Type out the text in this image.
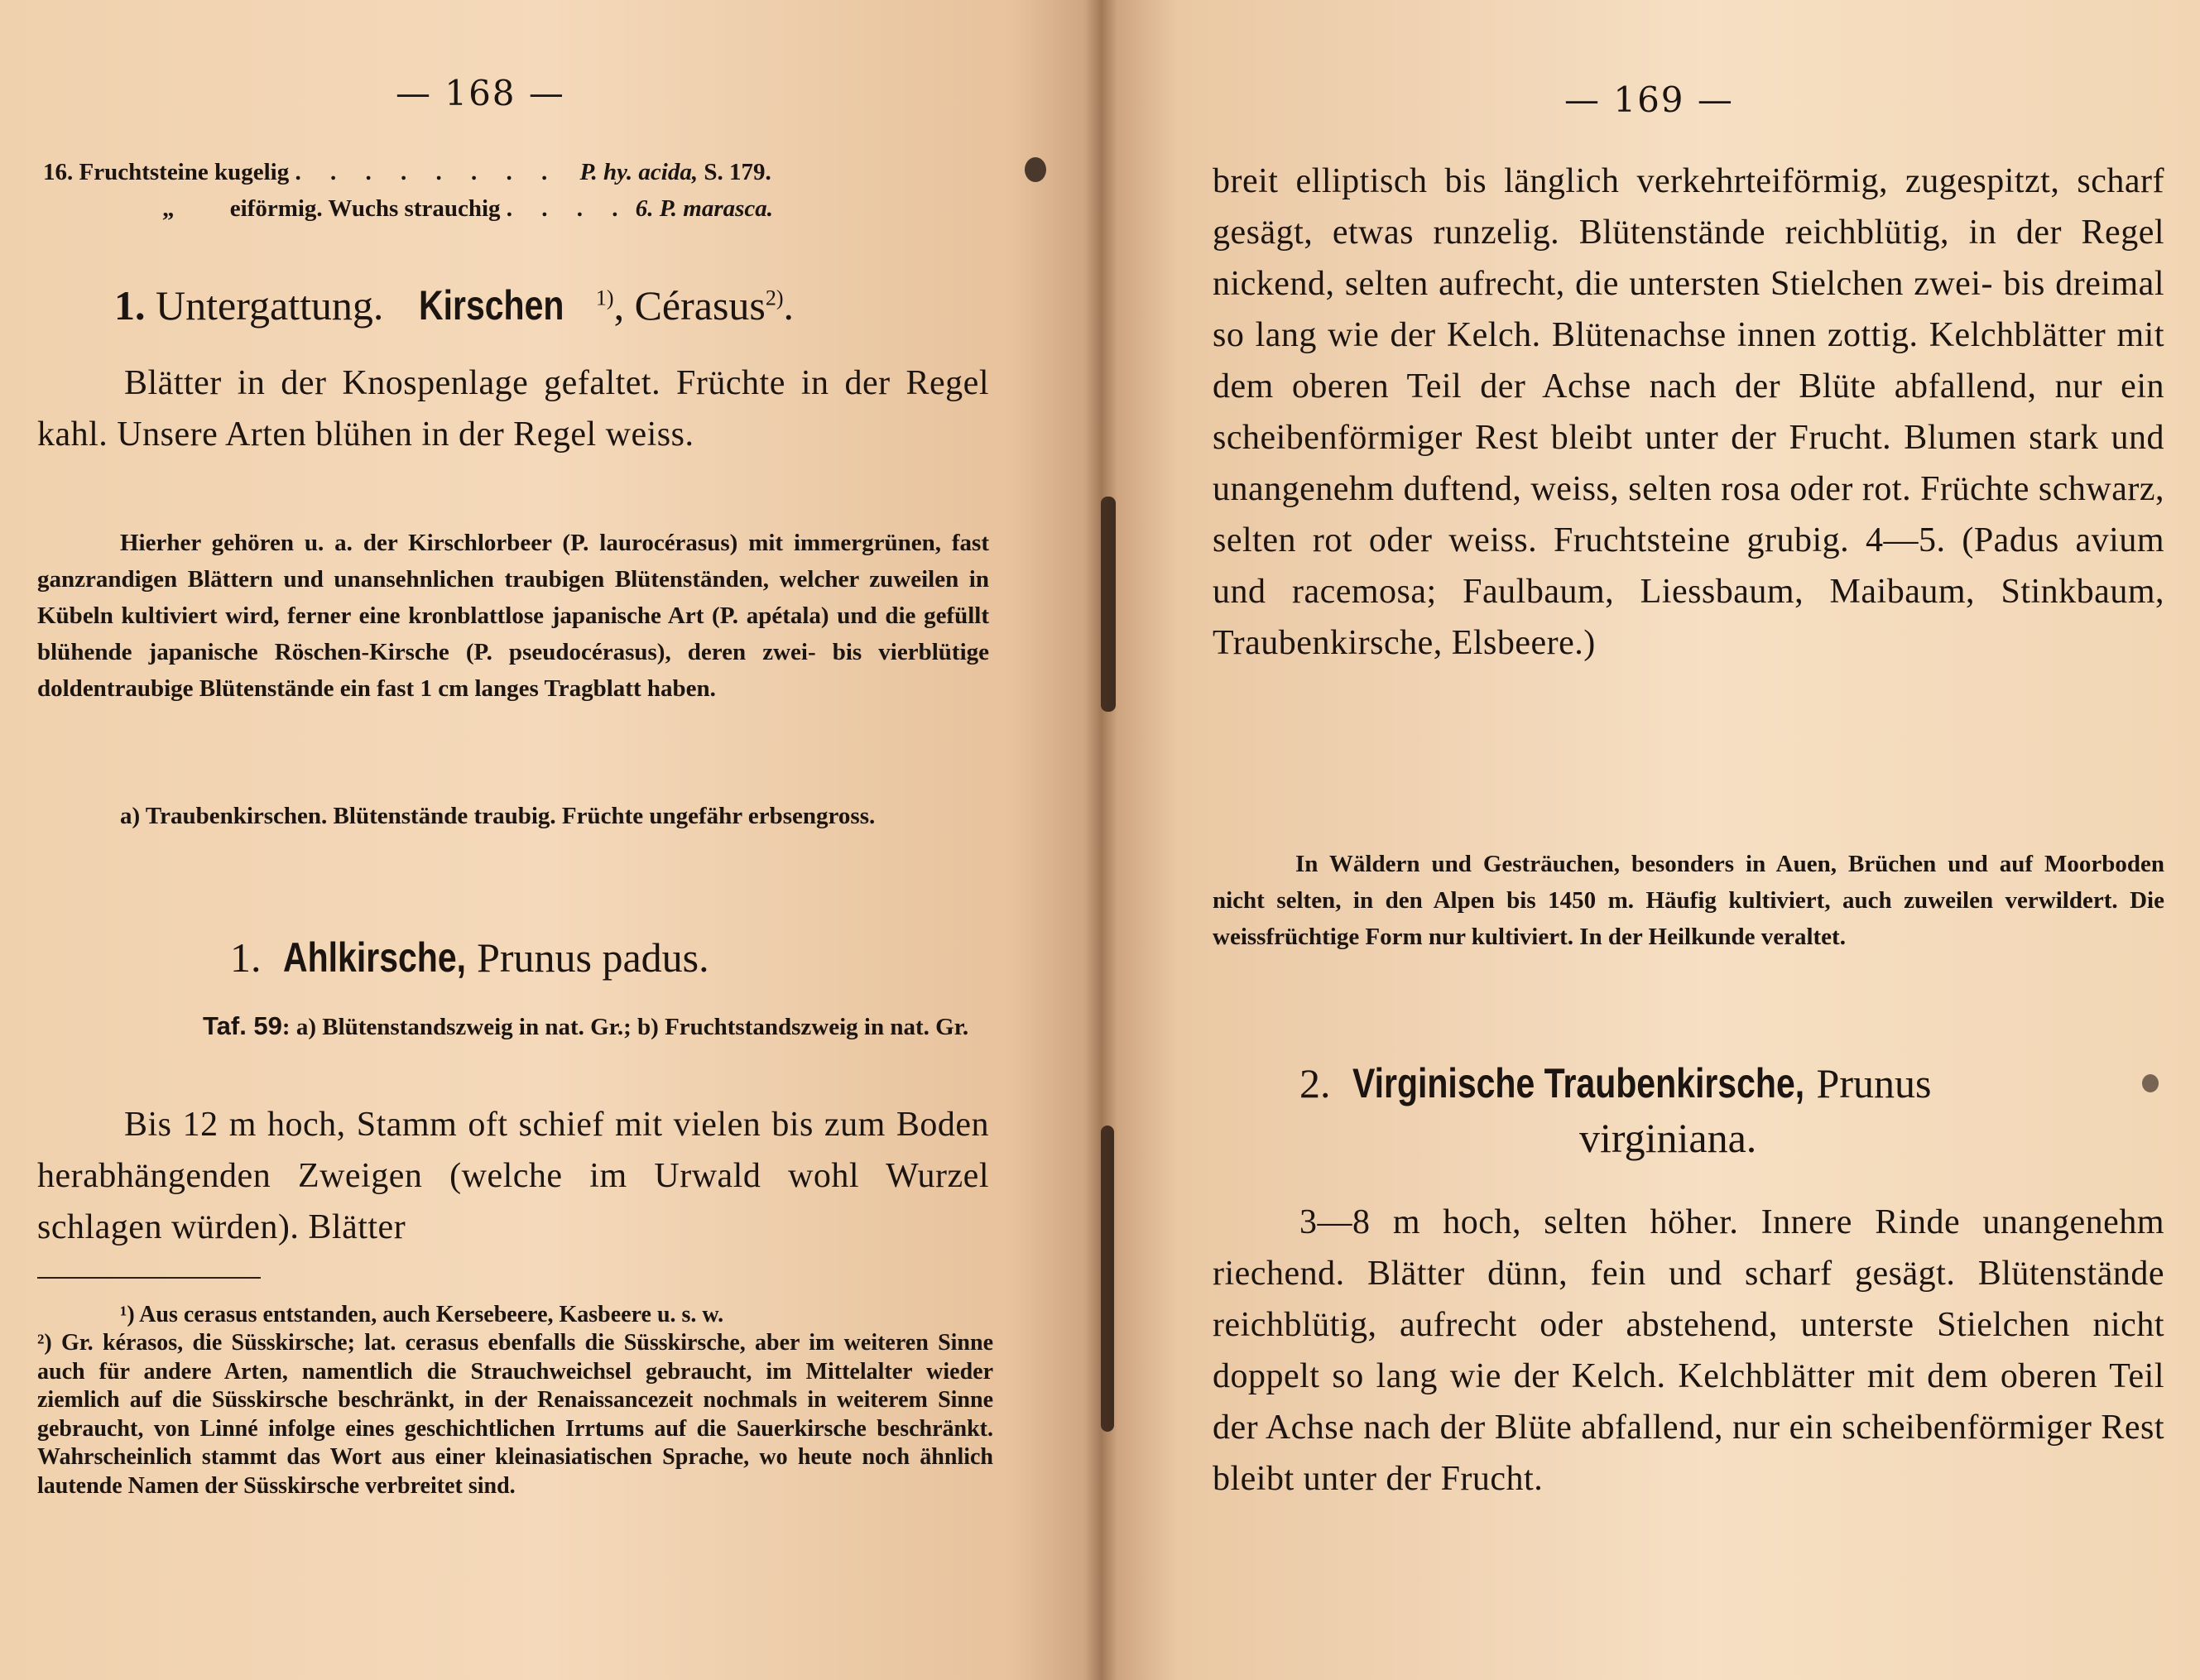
— 168 —
16. Fruchtsteine kugelig . . . . . . . . P. hy. acida, S. 179.
„ eiförmig. Wuchs strauchig . . . . 6. P. marasca.
1. Untergattung. Kirschen $^{1)}$, Cérasus$^{2)}$.

Blätter in der Knospenlage gefaltet. Früchte in der Regel kahl. Unsere Arten blühen in der Regel weiss.

Hierher gehören u. a. der Kirschlorbeer (P. laurocérasus) mit immergrünen, fast ganzrandigen Blättern und unansehnlichen traubigen Blütenständen, welcher zuweilen in Kübeln kultiviert wird, ferner eine kronblattlose japanische Art (P. apétala) und die gefüllt blühende japanische Röschen-Kirsche (P. pseudocérasus), deren zwei- bis vierblütige doldentraubige Blütenstände ein fast 1 cm langes Tragblatt haben.

a) Traubenkirschen. Blütenstände traubig. Früchte ungefähr erbsengross.

1. Ahlkirsche, Prunus padus.

Taf. 59: a) Blütenstandszweig in nat. Gr.; b) Fruchtstandszweig in nat. Gr.

Bis 12 m hoch, Stamm oft schief mit vielen bis zum Boden herabhängenden Zweigen (welche im Urwald wohl Wurzel schlagen würden). Blätter

¹) Aus cerasus entstanden, auch Kersebeere, Kasbeere u. s. w.

²) Gr. kérasos, die Süsskirsche; lat. cerasus ebenfalls die Süsskirsche, aber im weiteren Sinne auch für andere Arten, namentlich die Strauchweichsel gebraucht, im Mittelalter wieder ziemlich auf die Süsskirsche beschränkt, in der Renaissancezeit nochmals in weiterem Sinne gebraucht, von Linné infolge eines geschichtlichen Irrtums auf die Sauerkirsche beschränkt. Wahrscheinlich stammt das Wort aus einer kleinasiatischen Sprache, wo heute noch ähnlich lautende Namen der Süsskirsche verbreitet sind.

— 169 —

breit elliptisch bis länglich verkehrteiförmig, zugespitzt, scharf gesägt, etwas runzelig. Blütenstände reichblütig, in der Regel nickend, selten aufrecht, die untersten Stielchen zwei- bis dreimal so lang wie der Kelch. Blütenachse innen zottig. Kelchblätter mit dem oberen Teil der Achse nach der Blüte abfallend, nur ein scheibenförmiger Rest bleibt unter der Frucht. Blumen stark und unangenehm duftend, weiss, selten rosa oder rot. Früchte schwarz, selten rot oder weiss. Fruchtsteine grubig. 4—5. (Padus avium und racemosa; Faulbaum, Liessbaum, Maibaum, Stinkbaum, Traubenkirsche, Elsbeere.)

In Wäldern und Gesträuchen, besonders in Auen, Brüchen und auf Moorboden nicht selten, in den Alpen bis 1450 m. Häufig kultiviert, auch zuweilen verwildert. Die weissfrüchtige Form nur kultiviert. In der Heilkunde veraltet.

2. Virginische Traubenkirsche, Prunus
virginiana.

3—8 m hoch, selten höher. Innere Rinde unangenehm riechend. Blätter dünn, fein und scharf gesägt. Blütenstände reichblütig, aufrecht oder abstehend, unterste Stielchen nicht doppelt so lang wie der Kelch. Kelchblätter mit dem oberen Teil der Achse nach der Blüte abfallend, nur ein scheibenförmiger Rest bleibt unter der Frucht.
